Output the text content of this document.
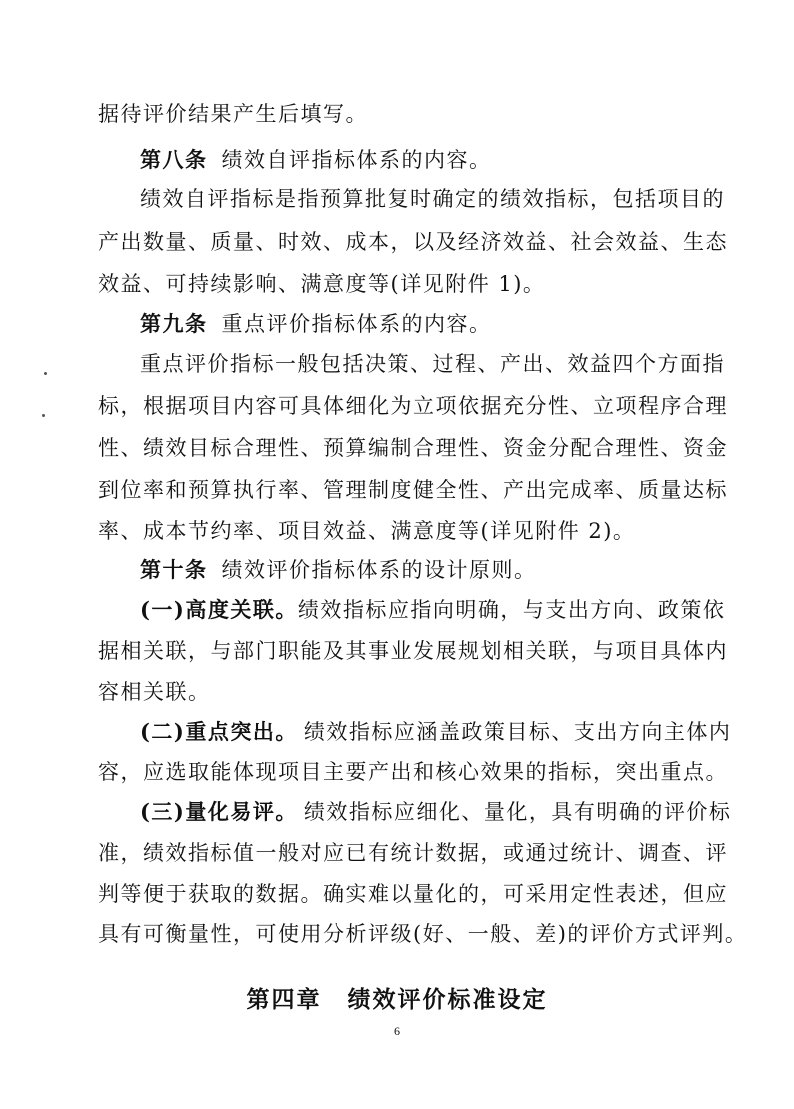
据待评价结果产生后填写。
第八条 绩效自评指标体系的内容。
绩效自评指标是指预算批复时确定的绩效指标，包括项目的
产出数量、质量、时效、成本，以及经济效益、社会效益、生态
效益、可持续影响、满意度等(详见附件 1)。
第九条 重点评价指标体系的内容。
重点评价指标一般包括决策、过程、产出、效益四个方面指
标，根据项目内容可具体细化为立项依据充分性、立项程序合理
性、绩效目标合理性、预算编制合理性、资金分配合理性、资金
到位率和预算执行率、管理制度健全性、产出完成率、质量达标
率、成本节约率、项目效益、满意度等(详见附件 2)。
第十条 绩效评价指标体系的设计原则。
(一)高度关联。绩效指标应指向明确，与支出方向、政策依
据相关联，与部门职能及其事业发展规划相关联，与项目具体内
容相关联。
(二)重点突出。 绩效指标应涵盖政策目标、支出方向主体内
容，应选取能体现项目主要产出和核心效果的指标，突出重点。
(三)量化易评。 绩效指标应细化、量化，具有明确的评价标
准，绩效指标值一般对应已有统计数据，或通过统计、调查、评
判等便于获取的数据。确实难以量化的，可采用定性表述，但应
具有可衡量性，可使用分析评级(好、一般、差)的评价方式评判。
第四章 绩效评价标准设定
6
